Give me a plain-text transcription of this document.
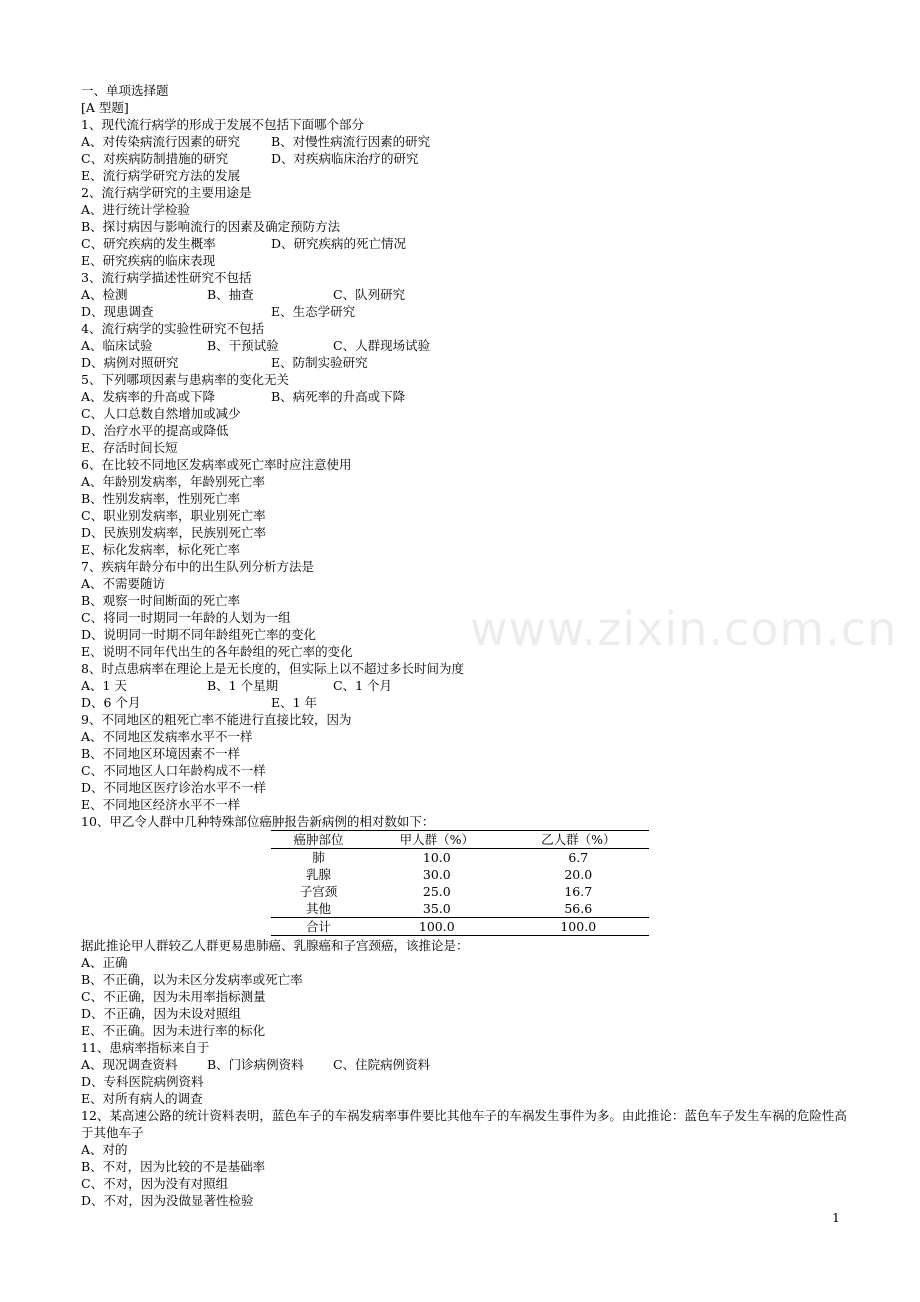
www.zixin.com.cn
一、单项选择题
[A 型题]
1、现代流行病学的形成于发展不包括下面哪个部分
A、对传染病流行因素的研究 B、对慢性病流行因素的研究
C、对疾病防制措施的研究	D、对疾病临床治疗的研究
E、流行病学研究方法的发展
2、流行病学研究的主要用途是
A、进行统计学检验
B、探讨病因与影响流行的因素及确定预防方法
C、研究疾病的发生概率	D、研究疾病的死亡情况
E、研究疾病的临床表现
3、流行病学描述性研究不包括
A、检测	B、抽查	C、队列研究
D、现患调查	E、生态学研究
4、流行病学的实验性研究不包括
A、临床试验	B、干预试验	C、人群现场试验
D、病例对照研究	E、防制实验研究
5、下列哪项因素与患病率的变化无关
A、发病率的升高或下降	B、病死率的升高或下降
C、人口总数自然增加或减少
D、治疗水平的提高或降低
E、存活时间长短
6、在比较不同地区发病率或死亡率时应注意使用
A、年龄别发病率，年龄别死亡率
B、性别发病率，性别死亡率
C、职业别发病率，职业别死亡率
D、民族别发病率，民族别死亡率
E、标化发病率，标化死亡率
7、疾病年龄分布中的出生队列分析方法是
A、不需要随访
B、观察一时间断面的死亡率
C、将同一时期同一年龄的人划为一组
D、说明同一时期不同年龄组死亡率的变化
E、说明不同年代出生的各年龄组的死亡率的变化
8、时点患病率在理论上是无长度的，但实际上以不超过多长时间为度
A、1 天	B、1 个星期	C、1 个月
D、6 个月	E、1 年
9、不同地区的粗死亡率不能进行直接比较，因为
A、不同地区发病率水平不一样
B、不同地区环境因素不一样
C、不同地区人口年龄构成不一样
D、不同地区医疗诊治水平不一样
E、不同地区经济水平不一样
10、甲乙令人群中几种特殊部位癌肿报告新病例的相对数如下：
癌肿部位	甲人群（%）	乙人群（%）
肺	10.0	6.7
乳腺	30.0	20.0
子宫颈	25.0	16.7
其他	35.0	56.6
合计	100.0	100.0
据此推论甲人群较乙人群更易患肺癌、乳腺癌和子宫颈癌，该推论是：
A、正确
B、不正确，以为未区分发病率或死亡率
C、不正确，因为未用率指标测量
D、不正确，因为未设对照组
E、不正确。因为未进行率的标化
11、患病率指标来自于
A、现况调查资料 B、门诊病例资料 C、住院病例资料
D、专科医院病例资料
E、对所有病人的调查
12、某高速公路的统计资料表明，蓝色车子的车祸发病率事件要比其他车子的车祸发生事件为多。由此推论：蓝色车子发生车祸的危险性高于其他车子
A、对的
B、不对，因为比较的不是基础率
C、不对，因为没有对照组
D、不对，因为没做显著性检验
1
